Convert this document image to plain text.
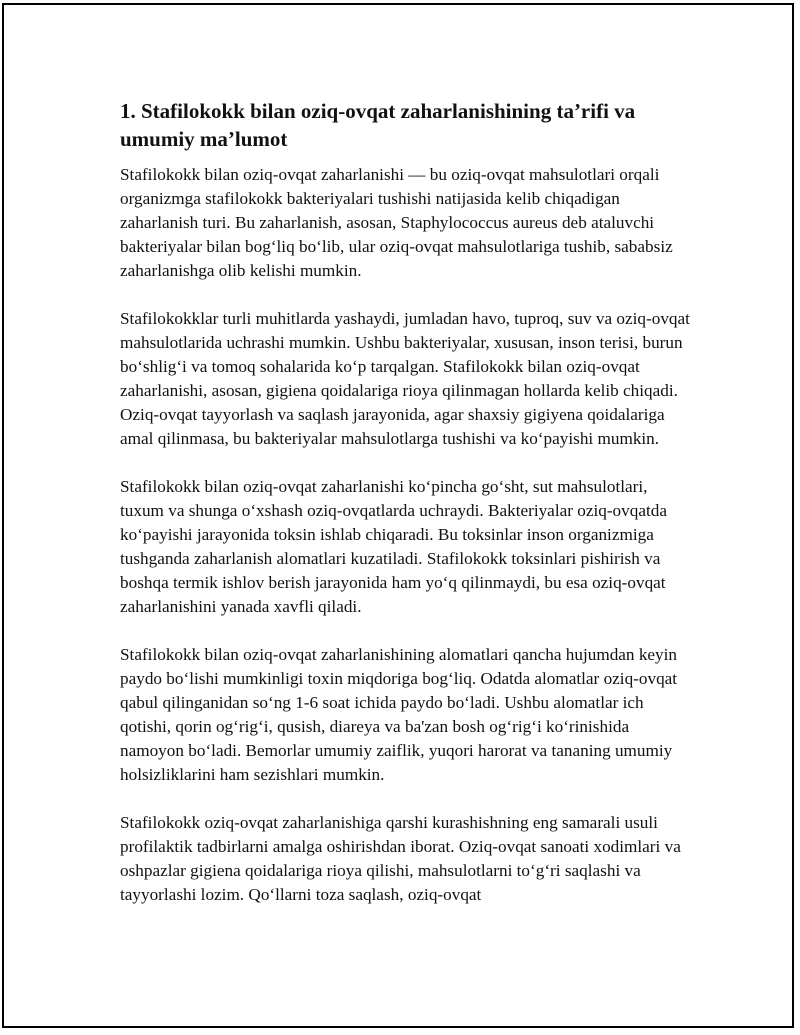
1. Stafilokokk bilan oziq-ovqat zaharlanishining ta’rifi va umumiy ma’lumot

Stafilokokk bilan oziq-ovqat zaharlanishi — bu oziq-ovqat mahsulotlari orqali organizmga stafilokokk bakteriyalari tushishi natijasida kelib chiqadigan zaharlanish turi. Bu zaharlanish, asosan, Staphylococcus aureus deb ataluvchi bakteriyalar bilan bog‘liq bo‘lib, ular oziq-ovqat mahsulotlariga tushib, sababsiz zaharlanishga olib kelishi mumkin.

Stafilokokklar turli muhitlarda yashaydi, jumladan havo, tuproq, suv va oziq-ovqat mahsulotlarida uchrashi mumkin. Ushbu bakteriyalar, xususan, inson terisi, burun bo‘shlig‘i va tomoq sohalarida ko‘p tarqalgan. Stafilokokk bilan oziq-ovqat zaharlanishi, asosan, gigiena qoidalariga rioya qilinmagan hollarda kelib chiqadi. Oziq-ovqat tayyorlash va saqlash jarayonida, agar shaxsiy gigiyena qoidalariga amal qilinmasa, bu bakteriyalar mahsulotlarga tushishi va ko‘payishi mumkin.

Stafilokokk bilan oziq-ovqat zaharlanishi ko‘pincha go‘sht, sut mahsulotlari, tuxum va shunga o‘xshash oziq-ovqatlarda uchraydi. Bakteriyalar oziq-ovqatda ko‘payishi jarayonida toksin ishlab chiqaradi. Bu toksinlar inson organizmiga tushganda zaharlanish alomatlari kuzatiladi. Stafilokokk toksinlari pishirish va boshqa termik ishlov berish jarayonida ham yo‘q qilinmaydi, bu esa oziq-ovqat zaharlanishini yanada xavfli qiladi.

Stafilokokk bilan oziq-ovqat zaharlanishining alomatlari qancha hujumdan keyin paydo bo‘lishi mumkinligi toxin miqdoriga bog‘liq. Odatda alomatlar oziq-ovqat qabul qilinganidan so‘ng 1-6 soat ichida paydo bo‘ladi. Ushbu alomatlar ich qotishi, qorin og‘rig‘i, qusish, diareya va ba'zan bosh og‘rig‘i ko‘rinishida namoyon bo‘ladi. Bemorlar umumiy zaiflik, yuqori harorat va tananing umumiy holsizliklarini ham sezishlari mumkin.

Stafilokokk oziq-ovqat zaharlanishiga qarshi kurashishning eng samarali usuli profilaktik tadbirlarni amalga oshirishdan iborat. Oziq-ovqat sanoati xodimlari va oshpazlar gigiena qoidalariga rioya qilishi, mahsulotlarni to‘g‘ri saqlashi va tayyorlashi lozim. Qo‘llarni toza saqlash, oziq-ovqat
